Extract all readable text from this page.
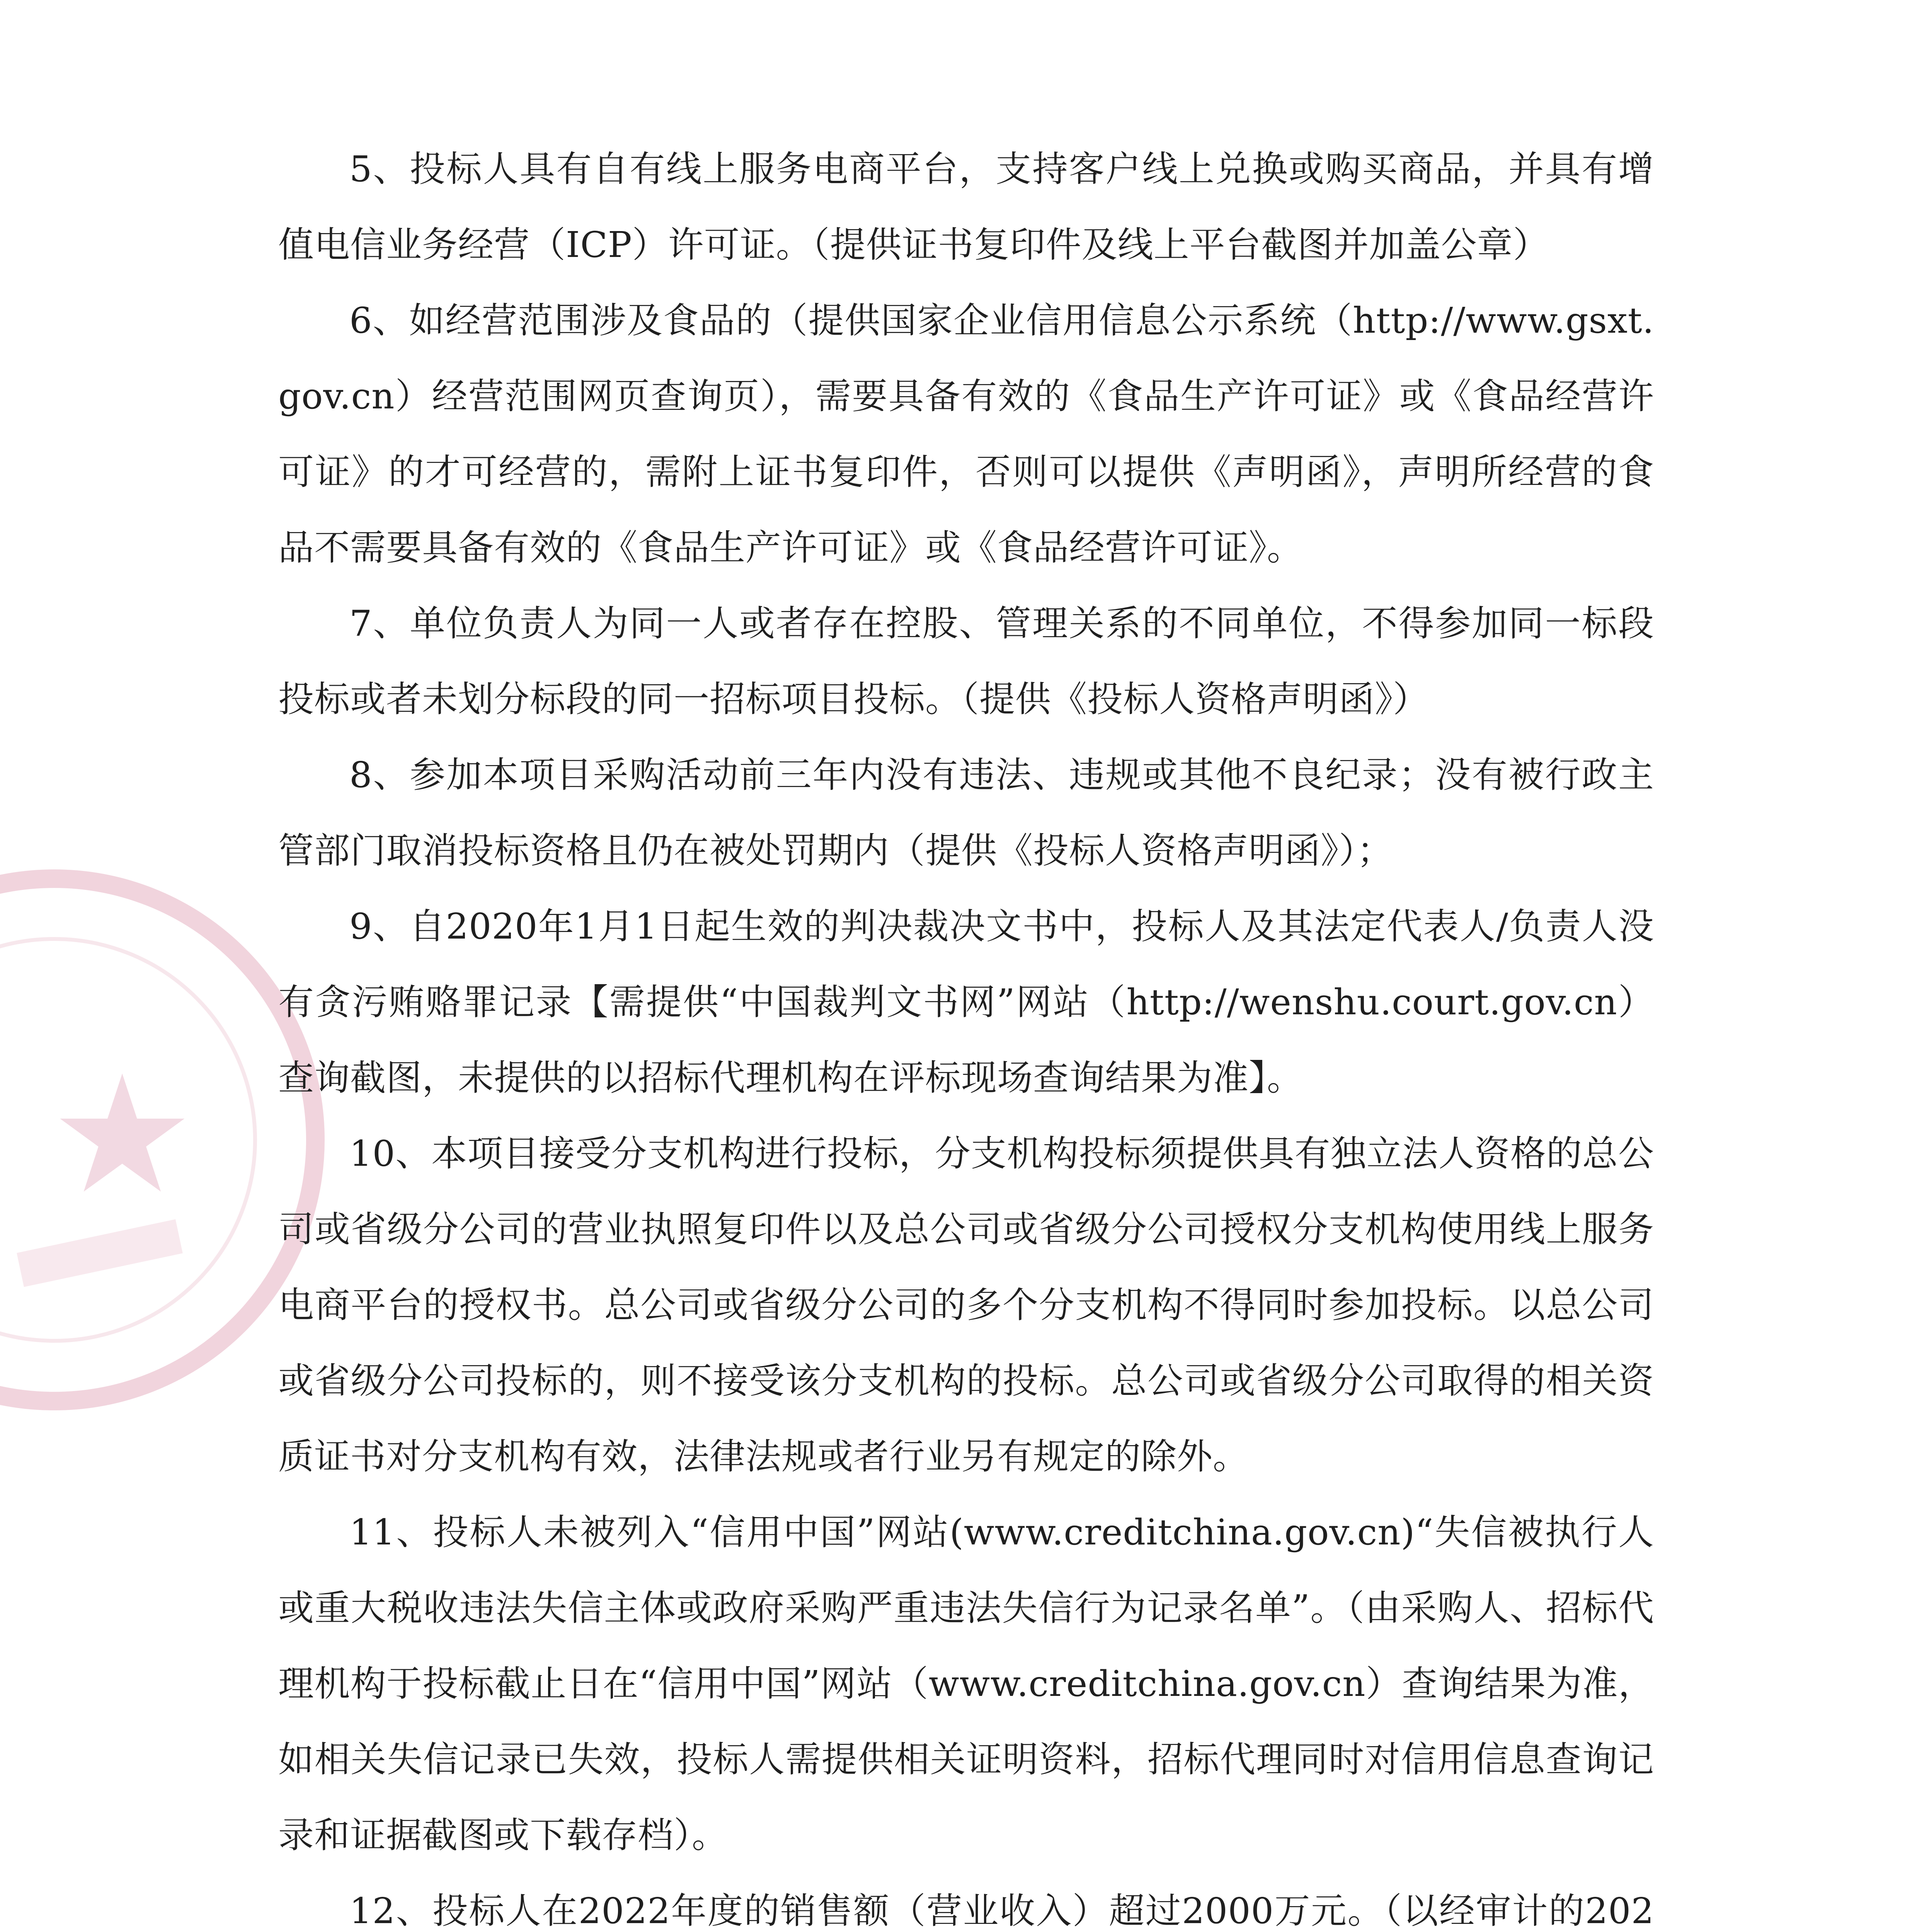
★

5、投标人具有自有线上服务电商平台，支持客户线上兑换或购买商品，并具有增值电信业务经营（ICP）许可证。（提供证书复印件及线上平台截图并加盖公章）

6、如经营范围涉及食品的（提供国家企业信用信息公示系统（http://www.gsxt.gov.cn）经营范围网页查询页），需要具备有效的《食品生产许可证》或《食品经营许可证》的才可经营的，需附上证书复印件，否则可以提供《声明函》，声明所经营的食品不需要具备有效的《食品生产许可证》或《食品经营许可证》。

7、单位负责人为同一人或者存在控股、管理关系的不同单位，不得参加同一标段投标或者未划分标段的同一招标项目投标。（提供《投标人资格声明函》）

8、参加本项目采购活动前三年内没有违法、违规或其他不良纪录；没有被行政主管部门取消投标资格且仍在被处罚期内（提供《投标人资格声明函》）；

9、自2020年1月1日起生效的判决裁决文书中，投标人及其法定代表人/负责人没有贪污贿赂罪记录【需提供“中国裁判文书网”网站（http://wenshu.court.gov.cn）查询截图，未提供的以招标代理机构在评标现场查询结果为准】。

10、本项目接受分支机构进行投标，分支机构投标须提供具有独立法人资格的总公司或省级分公司的营业执照复印件以及总公司或省级分公司授权分支机构使用线上服务电商平台的授权书。总公司或省级分公司的多个分支机构不得同时参加投标。以总公司或省级分公司投标的，则不接受该分支机构的投标。总公司或省级分公司取得的相关资质证书对分支机构有效，法律法规或者行业另有规定的除外。

11、投标人未被列入“信用中国”网站(www.creditchina.gov.cn)“失信被执行人或重大税收违法失信主体或政府采购严重违法失信行为记录名单”。（由采购人、招标代理机构于投标截止日在“信用中国”网站（www.creditchina.gov.cn）查询结果为准，如相关失信记录已失效，投标人需提供相关证明资料，招标代理同时对信用信息查询记录和证据截图或下载存档）。

12、投标人在2022年度的销售额（营业收入）超过2000万元。（以经审计的202
